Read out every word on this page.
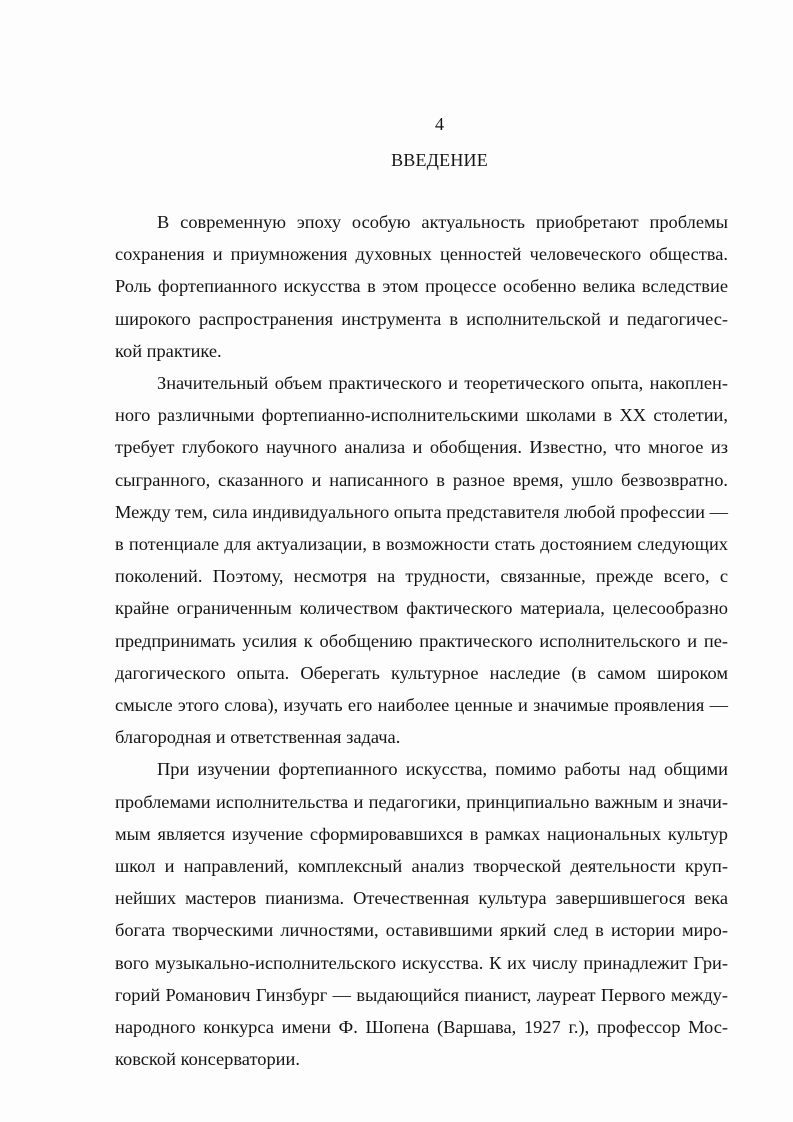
4
ВВЕДЕНИЕ

В современную эпоху особую актуальность приобретают проблемы
сохранения и приумножения духовных ценностей человеческого общества.
Роль фортепианного искусства в этом процессе особенно велика вследствие
широкого распространения инструмента в исполнительской и педагогичес-
кой практике.

Значительный объем практического и теоретического опыта, накоплен-
ного различными фортепианно-исполнительскими школами в XX столетии,
требует глубокого научного анализа и обобщения. Известно, что многое из
сыгранного, сказанного и написанного в разное время, ушло безвозвратно.
Между тем, сила индивидуального опыта представителя любой профессии —
в потенциале для актуализации, в возможности стать достоянием следующих
поколений. Поэтому, несмотря на трудности, связанные, прежде всего, с
крайне ограниченным количеством фактического материала, целесообразно
предпринимать усилия к обобщению практического исполнительского и пе-
дагогического опыта. Оберегать культурное наследие (в самом широком
смысле этого слова), изучать его наиболее ценные и значимые проявления —
благородная и ответственная задача.

При изучении фортепианного искусства, помимо работы над общими
проблемами исполнительства и педагогики, принципиально важным и значи-
мым является изучение сформировавшихся в рамках национальных культур
школ и направлений, комплексный анализ творческой деятельности круп-
нейших мастеров пианизма. Отечественная культура завершившегося века
богата творческими личностями, оставившими яркий след в истории миро-
вого музыкально-исполнительского искусства. К их числу принадлежит Гри-
горий Романович Гинзбург — выдающийся пианист, лауреат Первого между-
народного конкурса имени Ф. Шопена (Варшава, 1927 г.), профессор Мос-
ковской консерватории.
